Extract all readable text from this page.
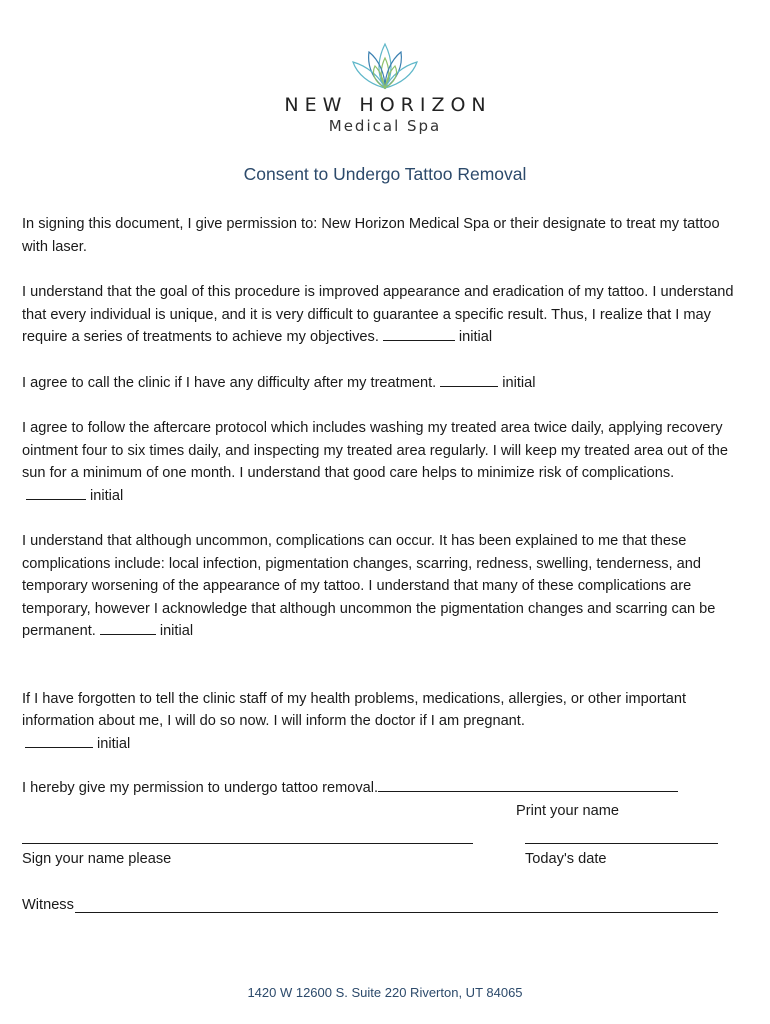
NEW HORIZON
Medical Spa
Consent to Undergo Tattoo Removal

In signing this document, I give permission to: New Horizon Medical Spa or their designate to treat my tattoo with laser.

I understand that the goal of this procedure is improved appearance and eradication of my tattoo. I understand that every individual is unique, and it is very difficult to guarantee a specific result. Thus, I realize that I may require a series of treatments to achieve my objectives.	initial

I agree to call the clinic if I have any difficulty after my treatment.	initial

I agree to follow the aftercare protocol which includes washing my treated area twice daily, applying recovery ointment four to six times daily, and inspecting my treated area regularly. I will keep my treated area out of the sun for a minimum of one month. I understand that good care helps to minimize risk of complications.initial

I understand that although uncommon, complications can occur. It has been explained to me that these complications include: local infection, pigmentation changes, scarring, redness, swelling, tenderness, and temporary worsening of the appearance of my tattoo. I understand that many of these complications are temporary, however I acknowledge that although uncommon the pigmentation changes and scarring can be permanent.	initial

If I have forgotten to tell the clinic staff of my health problems, medications, allergies, or other important information about me, I will do so now. I will inform the doctor if I am pregnant.
initial

I hereby give my permission to undergo tattoo removal.

Print your name
Sign your name please	Today's date
Witness
1420 W 12600 S. Suite 220 Riverton, UT 84065
